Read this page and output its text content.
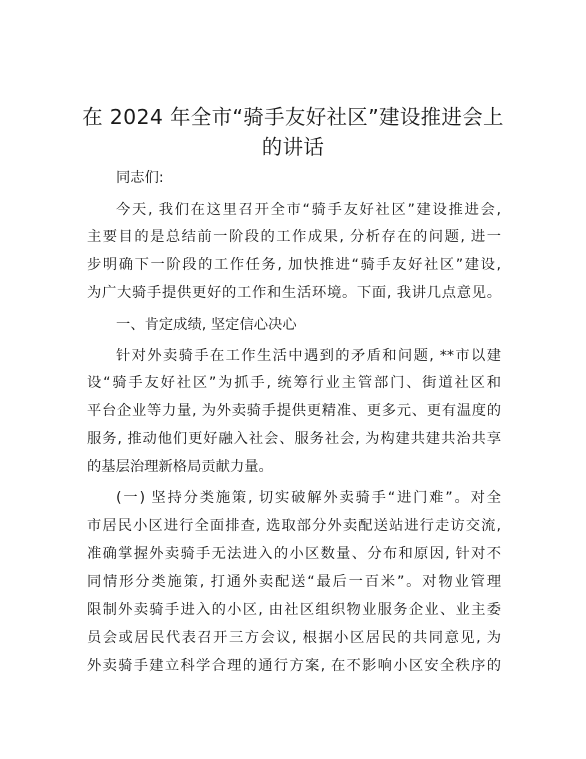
在 2024 年全市“骑手友好社区”建设推进会上
的讲话
同志们:
今天, 我们在这里召开全市“骑手友好社区”建设推进会,
主要目的是总结前一阶段的工作成果, 分析存在的问题, 进一
步明确下一阶段的工作任务, 加快推进“骑手友好社区”建设,
为广大骑手提供更好的工作和生活环境。下面, 我讲几点意见。
一、肯定成绩, 坚定信心决心
针对外卖骑手在工作生活中遇到的矛盾和问题, **市以建
设“骑手友好社区”为抓手, 统筹行业主管部门、街道社区和
平台企业等力量, 为外卖骑手提供更精准、更多元、更有温度的
服务, 推动他们更好融入社会、服务社会, 为构建共建共治共享
的基层治理新格局贡献力量。
(一) 坚持分类施策, 切实破解外卖骑手“进门难”。对全
市居民小区进行全面排查, 选取部分外卖配送站进行走访交流,
准确掌握外卖骑手无法进入的小区数量、分布和原因, 针对不
同情形分类施策, 打通外卖配送“最后一百米”。对物业管理
限制外卖骑手进入的小区, 由社区组织物业服务企业、业主委
员会或居民代表召开三方会议, 根据小区居民的共同意见, 为
外卖骑手建立科学合理的通行方案, 在不影响小区安全秩序的
